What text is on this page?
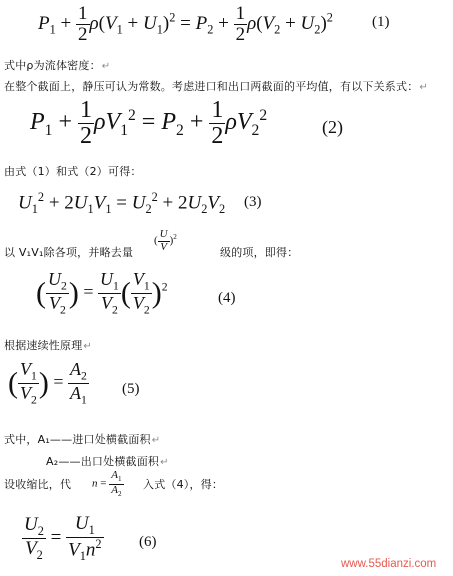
$P_1 + \frac{1}{2} \rho(V_1 + U_1)^2 = P_2 + \frac{1}{2} \rho(V_2 + U_2)^2$	(1)
式中ρ为流体密度：↵
在整个截面上，静压可认为常数。考虑进口和出口两截面的平均值，有以下关系式：↵
$P_1 + \frac{1}{2} \rho V_1^2 = P_2 + \frac{1}{2} \rho V_2^2$
(2)
由式（1）和式（2）可得：
$U_1^2 + 2U_1V_1 = U_2^2 + 2U_2V_2$ (3)
以 V₁V₁除各项，并略去量
( $\frac{U}{V} )^2$
级的项，即得：
( $\frac{U_2}{V_2}$ ) = $\frac{U_1}{V_2}$ ( $\frac{V_1}{V_2} )^2$
(4)
根据速续性原理↵
( $\frac{V_1}{V_2}$ ) = $\frac{A_2}{A_1} (5)$
式中，A₁——进口处横截面积↵
A₂——出口处横截面积↵
设收缩比，代 $n = \frac{A_1}{A_2}$ 入式（4），得：
$\frac{U_2}{V_2} = \frac{U_1}{V_1n^2} (6)$
www.55dianzi.com
